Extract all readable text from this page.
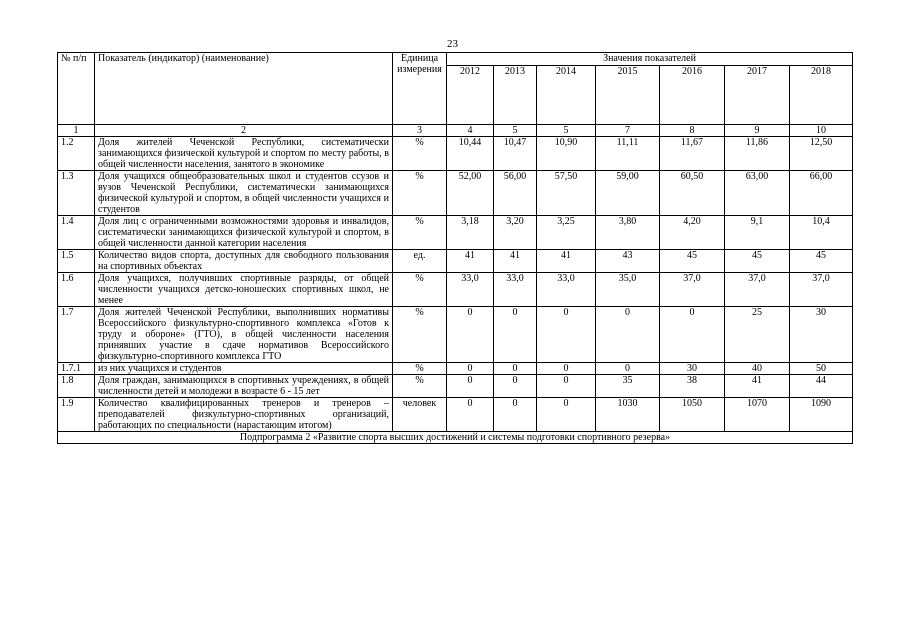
23
№ п/п	Показатель (индикатор) (наименование)	Единица измерения	Значения показателей						
			2012	2013	2014	2015	2016	2017	2018
1	2	3	4	5	5	7	8	9	10
1.2	Доля жителей Чеченской Республики, систематически занимающихся физической культурой и спортом по месту работы, в общей численности населения, занятого в экономике	%	10,44	10,47	10,90	11,11	11,67	11,86	12,50
1.3	Доля учащихся общеобразовательных школ и студентов ссузов и вузов Чеченской Республики, систематически занимающихся физической культурой и спортом, в общей численности учащихся и студентов	%	52,00	56,00	57,50	59,00	60,50	63,00	66,00
1.4	Доля лиц с ограниченными возможностями здоровья и инвалидов, систематически занимающихся физической культурой и спортом, в общей численности данной категории населения	%	3,18	3,20	3,25	3,80	4,20	9,1	10,4
1.5	Количество видов спорта, доступных для свободного пользования на спортивных объектах	ед.	41	41	41	43	45	45	45
1.6	Доля учащихся, получивших спортивные разряды, от общей численности учащихся детско-юношеских спортивных школ, не менее	%	33,0	33,0	33,0	35,0	37,0	37,0	37,0
1.7	Доля жителей Чеченской Республики, выполнивших нормативы Всероссийского физкультурно-спортивного комплекса «Готов к труду и обороне» (ГТО), в общей численности населения принявших участие в сдаче нормативов Всероссийского физкультурно-спортивного комплекса ГТО	%	0	0	0	0	0	25	30
1.7.1	из них учащихся и студентов	%	0	0	0	0	30	40	50
1.8	Доля граждан, занимающихся в спортивных учреждениях, в общей численности детей и молодежи в возрасте 6 - 15 лет	%	0	0	0	35	38	41	44
1.9	Количество квалифицированных тренеров и тренеров – преподавателей физкультурно-спортивных организаций, работающих по специальности (нарастающим итогом)	человек	0	0	0	1030	1050	1070	1090
Подпрограмма 2 «Развитие спорта высших достижений и системы подготовки спортивного резерва»									
